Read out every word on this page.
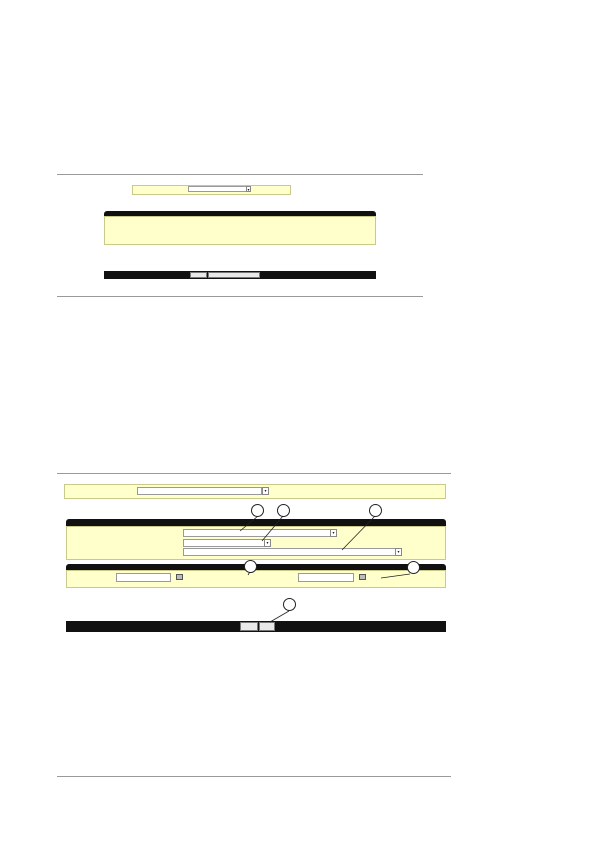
▾
▾
▾
▾
▾
